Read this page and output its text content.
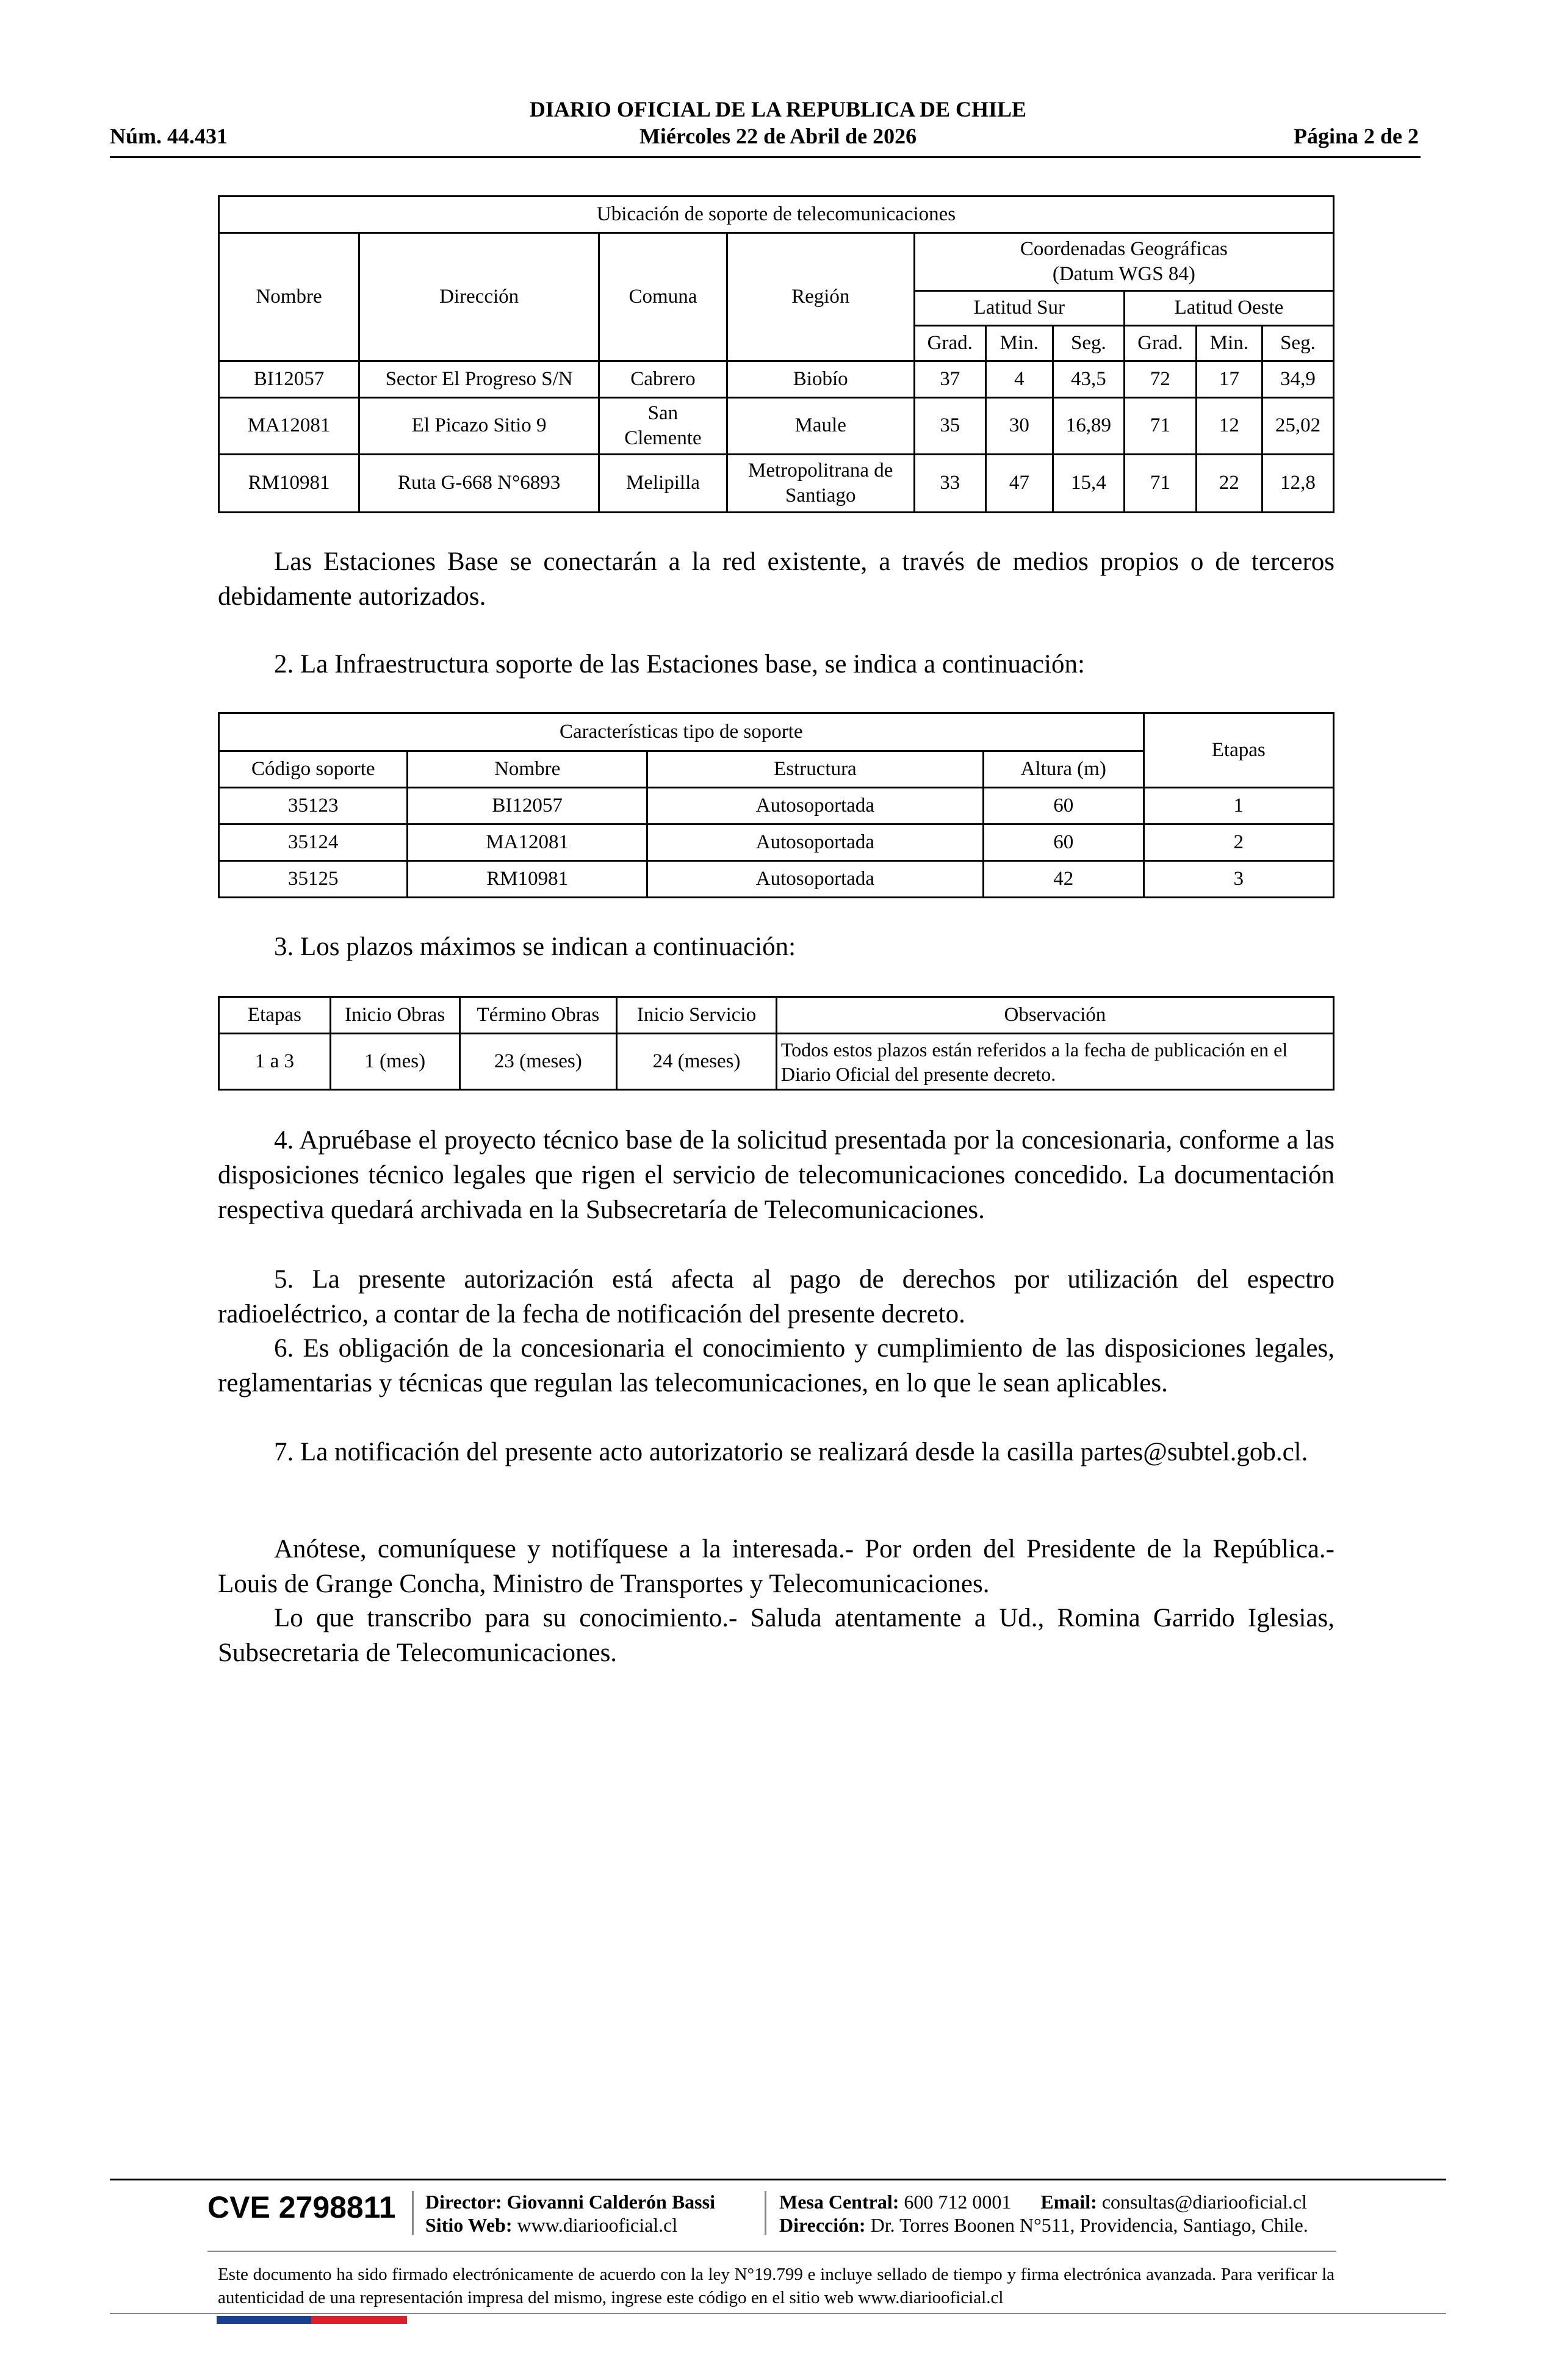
DIARIO OFICIAL DE LA REPUBLICA DE CHILE
Núm. 44.431	Miércoles 22 de Abril de 2026	Página 2 de 2
Ubicación de soporte de telecomunicaciones									
Nombre	Dirección	Comuna	Región	Coordenadas Geográficas (Datum WGS 84)					
				Latitud Sur			Latitud Oeste		
				Grad.	Min.	Seg.	Grad.	Min.	Seg.
BI12057	Sector El Progreso S/N	Cabrero	Biobío	37	4	43,5	72	17	34,9
MA12081	El Picazo Sitio 9	San Clemente	Maule	35	30	16,89	71	12	25,02
RM10981	Ruta G-668 N°6893	Melipilla	Metropolitrana de Santiago	33	47	15,4	71	22	12,8
Las Estaciones Base se conectarán a la red existente, a través de medios propios o de terceros debidamente autorizados.
2. La Infraestructura soporte de las Estaciones base, se indica a continuación:
Características tipo de soporte				Etapas
Código soporte	Nombre	Estructura	Altura (m)	
35123	BI12057	Autosoportada	60	1
35124	MA12081	Autosoportada	60	2
35125	RM10981	Autosoportada	42	3
3. Los plazos máximos se indican a continuación:
Etapas	Inicio Obras	Término Obras	Inicio Servicio	Observación
1 a 3	1 (mes)	23 (meses)	24 (meses)	Todos estos plazos están referidos a la fecha de publicación en el Diario Oficial del presente decreto.
4. Apruébase el proyecto técnico base de la solicitud presentada por la concesionaria, conforme a las disposiciones técnico legales que rigen el servicio de telecomunicaciones concedido. La documentación respectiva quedará archivada en la Subsecretaría de Telecomunicaciones.
5. La presente autorización está afecta al pago de derechos por utilización del espectro radioeléctrico, a contar de la fecha de notificación del presente decreto.
6. Es obligación de la concesionaria el conocimiento y cumplimiento de las disposiciones legales, reglamentarias y técnicas que regulan las telecomunicaciones, en lo que le sean aplicables.
7. La notificación del presente acto autorizatorio se realizará desde la casilla partes@subtel.gob.cl.
Anótese, comuníquese y notifíquese a la interesada.- Por orden del Presidente de la República.- Louis de Grange Concha, Ministro de Transportes y Telecomunicaciones.
Lo que transcribo para su conocimiento.- Saluda atentamente a Ud., Romina Garrido Iglesias, Subsecretaria de Telecomunicaciones.
CVE 2798811 Director: Giovanni Calderón Bassi
Sitio Web: www.diariooficial.cl
Mesa Central: 600 712 0001 Email: consultas@diariooficial.cl
Dirección: Dr. Torres Boonen N°511, Providencia, Santiago, Chile.
Este documento ha sido firmado electrónicamente de acuerdo con la ley N°19.799 e incluye sellado de tiempo y firma electrónica avanzada. Para verificar la autenticidad de una representación impresa del mismo, ingrese este código en el sitio web www.diariooficial.cl
